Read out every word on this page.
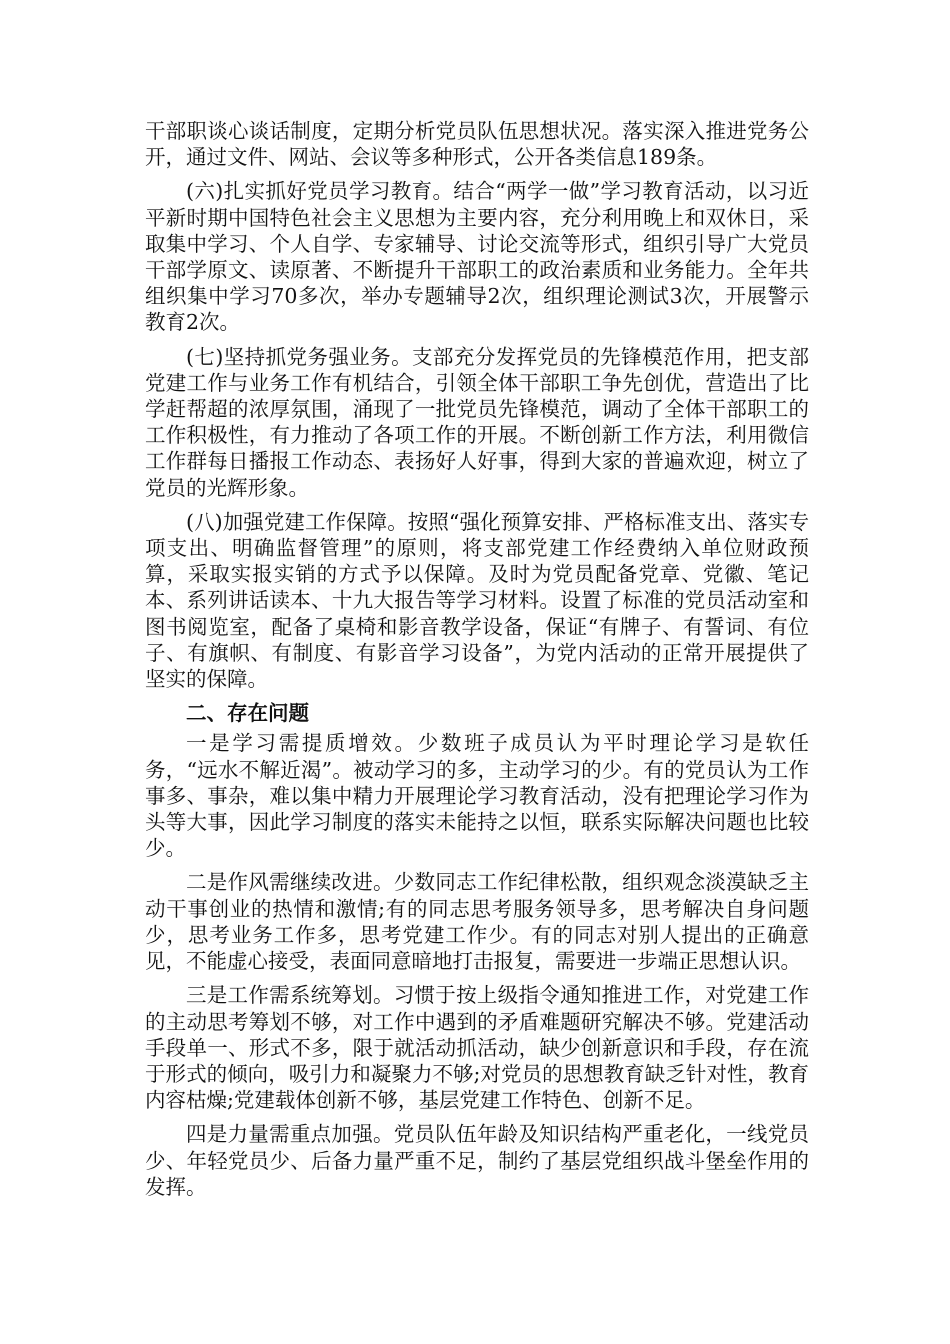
干部职谈心谈话制度，定期分析党员队伍思想状况。落实深入推进党务公开，通过文件、网站、会议等多种形式，公开各类信息189条。

(六)扎实抓好党员学习教育。结合“两学一做”学习教育活动，以习近平新时期中国特色社会主义思想为主要内容，充分利用晚上和双休日，采取集中学习、个人自学、专家辅导、讨论交流等形式，组织引导广大党员干部学原文、读原著、不断提升干部职工的政治素质和业务能力。全年共组织集中学习70多次，举办专题辅导2次，组织理论测试3次，开展警示教育2次。

(七)坚持抓党务强业务。支部充分发挥党员的先锋模范作用，把支部党建工作与业务工作有机结合，引领全体干部职工争先创优，营造出了比学赶帮超的浓厚氛围，涌现了一批党员先锋模范，调动了全体干部职工的工作积极性，有力推动了各项工作的开展。不断创新工作方法，利用微信工作群每日播报工作动态、表扬好人好事，得到大家的普遍欢迎，树立了党员的光辉形象。

(八)加强党建工作保障。按照“强化预算安排、严格标准支出、落实专项支出、明确监督管理”的原则，将支部党建工作经费纳入单位财政预算，采取实报实销的方式予以保障。及时为党员配备党章、党徽、笔记本、系列讲话读本、十九大报告等学习材料。设置了标准的党员活动室和图书阅览室，配备了桌椅和影音教学设备，保证“有牌子、有誓词、有位子、有旗帜、有制度、有影音学习设备”，为党内活动的正常开展提供了坚实的保障。

二、存在问题

一是学习需提质增效。少数班子成员认为平时理论学习是软任务，“远水不解近渴”。被动学习的多，主动学习的少。有的党员认为工作事多、事杂，难以集中精力开展理论学习教育活动，没有把理论学习作为头等大事，因此学习制度的落实未能持之以恒，联系实际解决问题也比较少。

二是作风需继续改进。少数同志工作纪律松散，组织观念淡漠缺乏主动干事创业的热情和激情;有的同志思考服务领导多，思考解决自身问题少，思考业务工作多，思考党建工作少。有的同志对别人提出的正确意见，不能虚心接受，表面同意暗地打击报复，需要进一步端正思想认识。

三是工作需系统筹划。习惯于按上级指令通知推进工作，对党建工作的主动思考筹划不够，对工作中遇到的矛盾难题研究解决不够。党建活动手段单一、形式不多，限于就活动抓活动，缺少创新意识和手段，存在流于形式的倾向，吸引力和凝聚力不够;对党员的思想教育缺乏针对性，教育内容枯燥;党建载体创新不够，基层党建工作特色、创新不足。

四是力量需重点加强。党员队伍年龄及知识结构严重老化，一线党员少、年轻党员少、后备力量严重不足，制约了基层党组织战斗堡垒作用的发挥。
